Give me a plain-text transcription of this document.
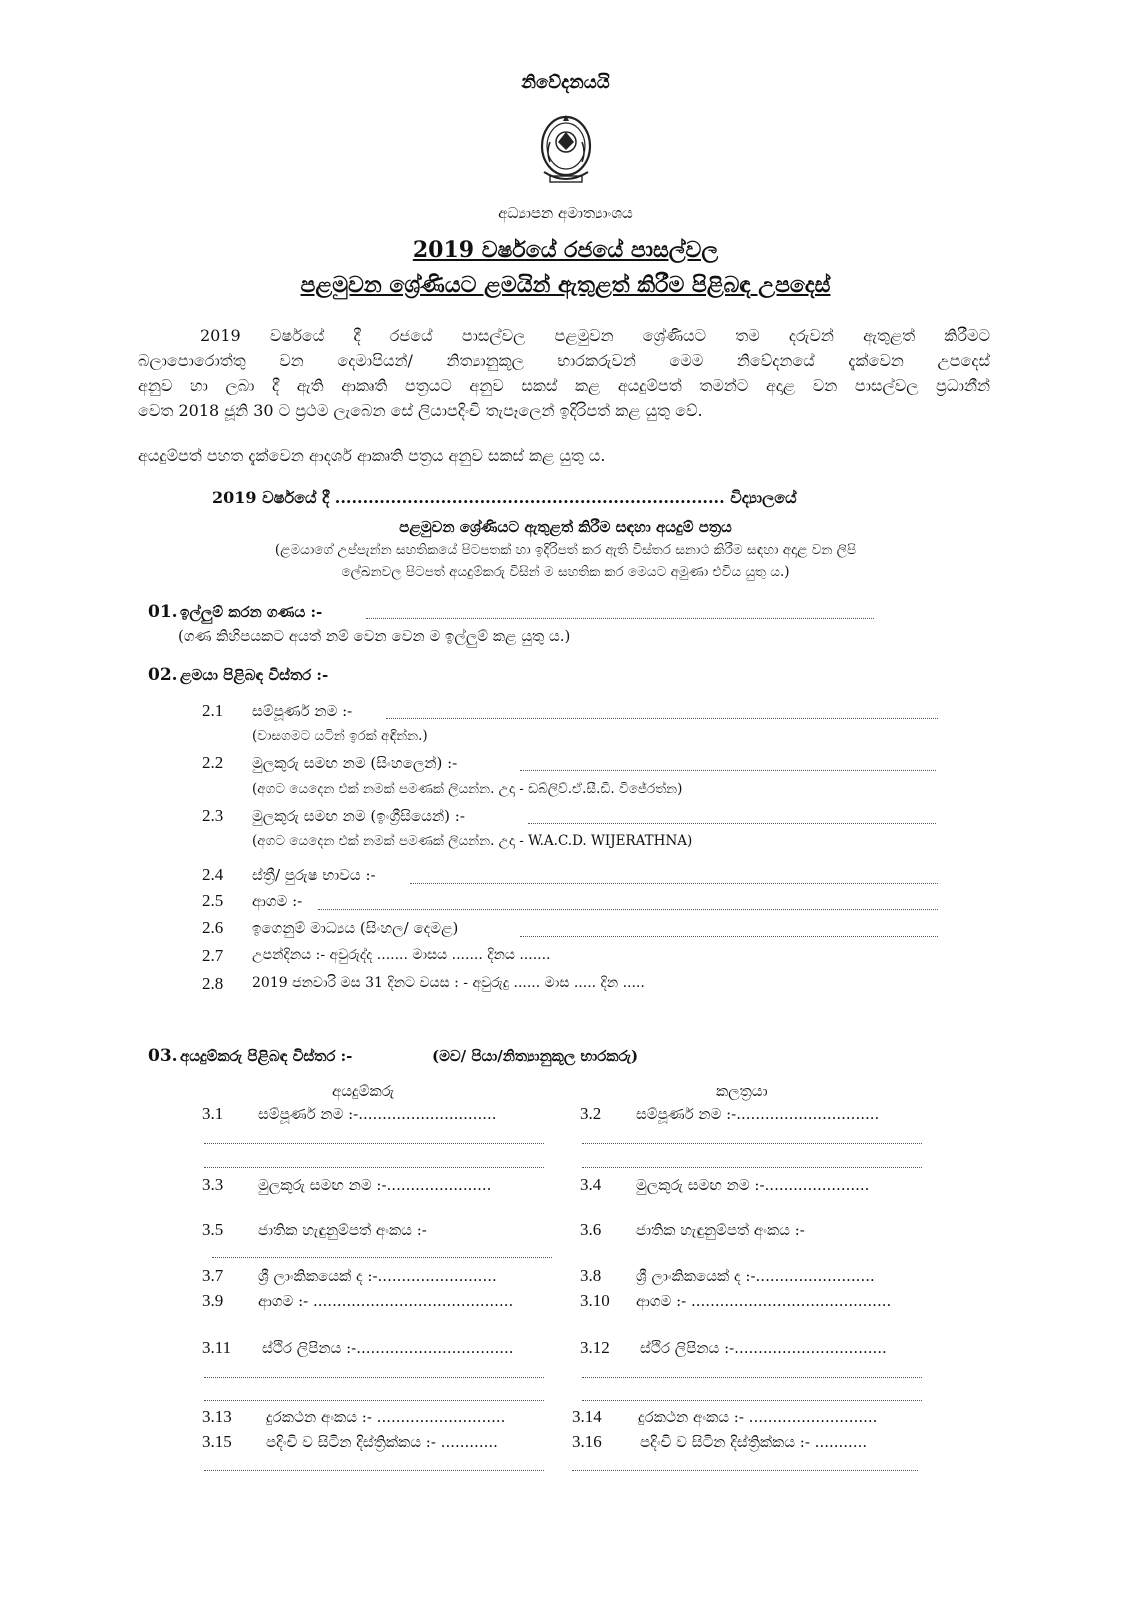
නිවේදනයයි
අධ්‍යාපන අමාත්‍යාංශය
2019 වර්ෂයේ රජයේ පාසල්වල
පළමුවන ශ්‍රේණියට ළමයින් ඇතුළත් කිරීම පිළිබඳ උපදෙස්
2019 වර්ෂයේ දී රජයේ පාසල්වල පළමුවන ශ්‍රේණියට තම දරුවන් ඇතුළත් කිරීමට
බලාපොරොත්තු වන දෙමාපියන්/ නිත්‍යානුකූල භාරකරුවන් මෙම නිවේදනයේ දැක්වෙන උපදෙස්
අනුව හා ලබා දී ඇති ආකෘති පත්‍රයට අනුව සකස් කළ අයදුම්පත් තමන්ට අදාළ වන පාසල්වල ප්‍රධානීන්
වෙත 2018 ජූනි 30 ට ප්‍රථම ලැබෙන සේ ලියාපදිංචි තැපෑලෙන් ඉදිරිපත් කළ යුතු වේ.
අයදුම්පත් පහත දැක්වෙන ආදර්ශ ආකෘති පත්‍රය අනුව සකස් කළ යුතු ය.
2019 වර්ෂයේ දී ...................................................................... විද්‍යාලයේ
පළමුවන ශ්‍රේණියට ඇතුළත් කිරීම සඳහා අයදුම් පත්‍රය
(ළමයාගේ උප්පැන්න සහතිකයේ පිටපතක් හා ඉදිරිපත් කර ඇති විස්තර සනාථ කිරීම සඳහා අදාළ වන ලිපි
ලේඛනවල පිටපත් අයදුම්කරු විසින් ම සහතික කර මෙයට අමුණා එවිය යුතු ය.)
01. ඉල්ලුම් කරන ගණය :-
(ගණ කිහිපයකට අයත් නම් වෙන වෙන ම ඉල්ලුම් කළ යුතු ය.)
02. ළමයා පිළිබඳ විස්තර :-
2.1 සම්පූර්ණ නම :-
(වාසගමට යටින් ඉරක් අඳින්න.)
2.2 මුලකුරු සමඟ නම (සිංහලෙන්) :-
(අගට යෙදෙන එක් නමක් පමණක් ලියන්න. උදා - ඩබ්ලිව්.ඒ.සී.ඩී. විජේරත්න)
2.3 මුලකුරු සමඟ නම (ඉංග්‍රීසියෙන්) :-
(අගට යෙදෙන එක් නමක් පමණක් ලියන්න. උදා - W.A.C.D. WIJERATHNA)
2.4 ස්ත්‍රී/ පුරුෂ භාවය :-
2.5 ආගම :-
2.6 ඉගෙනුම් මාධ්‍යය (සිංහල/ දෙමළ)
2.7 උපන්දිනය :- අවුරුද්ද ....... මාසය ....... දිනය .......
2.8 2019 ජනවාරි මස 31 දිනට වයස : - අවුරුදු ...... මාස ..... දින .....
03. අයදුම්කරු පිළිබඳ විස්තර :-	(මව/ පියා/නිත්‍යානුකූල භාරකරු)
අයදුම්කරු	කලත්‍රයා
3.1 සම්පූර්ණ නම :-.............................	3.2 සම්පූර්ණ නම :-..............................
3.3 මුලකුරු සමඟ නම :-......................	3.4 මුලකුරු සමඟ නම :-......................
3.5 ජාතික හැඳුනුම්පත් අංකය :-	3.6 ජාතික හැඳුනුම්පත් අංකය :-
3.7 ශ්‍රී ලාංකිකයෙක් ද :-.........................	3.8 ශ්‍රී ලාංකිකයෙක් ද :-.........................
3.9 ආගම :- ..........................................	3.10 ආගම :- ..........................................
3.11 ස්ථිර ලිපිනය :-.................................	3.12 ස්ථිර ලිපිනය :-................................
3.13 දුරකථන අංකය :- ...........................	3.14 දුරකථන අංකය :- ...........................
3.15 පදිංචි ව සිටින දිස්ත්‍රික්කය :- ............	3.16	පදිංචි ව සිටින දිස්ත්‍රික්කය :- ...........
